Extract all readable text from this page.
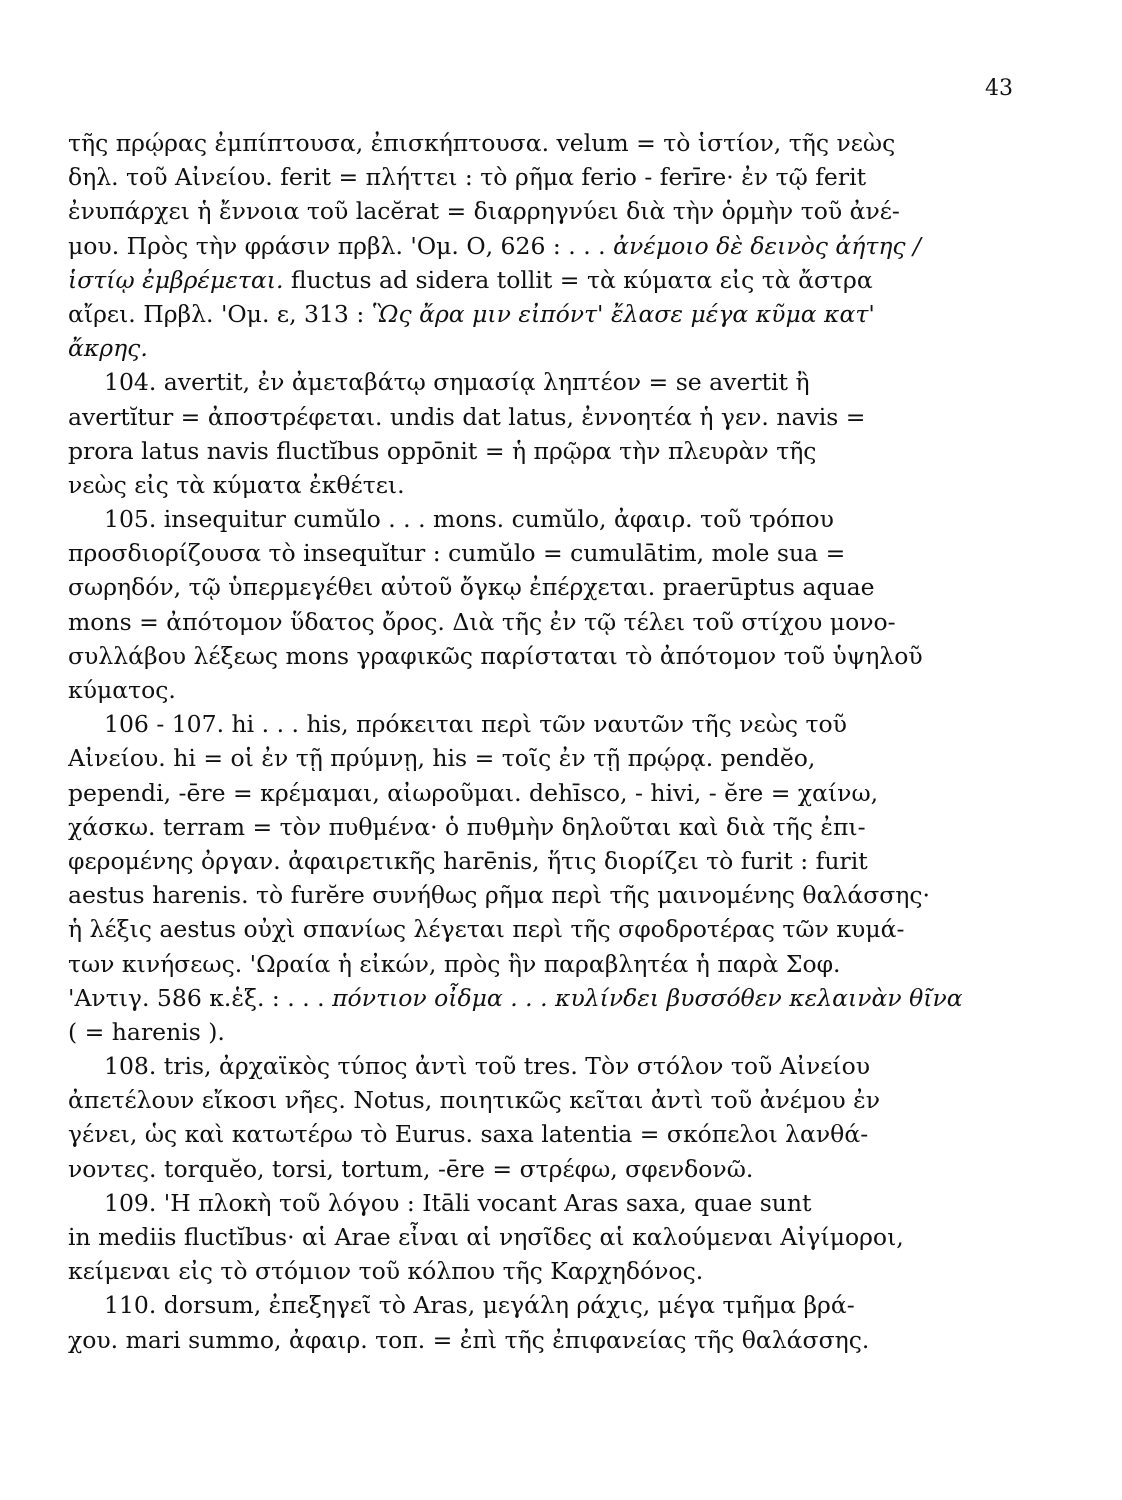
43
τῆς πρῴρας ἐμπίπτουσα, ἐπισκήπτουσα. velum = τὸ ἱστίον, τῆς νεὼς
δηλ. τοῦ Αἰνείου. ferit = πλήττει : τὸ ρῆμα ferio - ferīre· ἐν τῷ ferit
ἐνυπάρχει ἡ ἔννοια τοῦ lacĕrat = διαρρηγνύει διὰ τὴν ὁρμὴν τοῦ ἀνέ-
μου. Πρὸς τὴν φράσιν πρβλ. 'Ομ. Ο, 626 : . . . ἀνέμοιο δὲ δεινὸς ἀήτης /
ἱστίῳ ἐμβρέμεται. fluctus ad sidera tollit = τὰ κύματα εἰς τὰ ἄστρα
αἴρει. Πρβλ. 'Ομ. ε, 313 : Ὣς ἄρα μιν εἰπόντ' ἔλασε μέγα κῦμα κατ'
ἄκρης.
104. avertit, ἐν ἀμεταβάτῳ σημασίᾳ ληπτέον = se avertit ἢ
avertĭtur = ἀποστρέφεται. undis dat latus, ἐννοητέα ἡ γεν. navis =
prora latus navis fluctĭbus oppōnit = ἡ πρῷρα τὴν πλευρὰν τῆς
νεὼς εἰς τὰ κύματα ἐκθέτει.
105. insequitur cumŭlo . . . mons. cumŭlo, ἀφαιρ. τοῦ τρόπου
προσδιορίζουσα τὸ insequĭtur : cumŭlo = cumulātim, mole sua =
σωρηδόν, τῷ ὑπερμεγέθει αὐτοῦ ὄγκῳ ἐπέρχεται. praerūptus aquae
mons = ἀπότομον ὕδατος ὄρος. Διὰ τῆς ἐν τῷ τέλει τοῦ στίχου μονο-
συλλάβου λέξεως mons γραφικῶς παρίσταται τὸ ἀπότομον τοῦ ὑψηλοῦ
κύματος.
106 - 107. hi . . . his, πρόκειται περὶ τῶν ναυτῶν τῆς νεὼς τοῦ
Αἰνείου. hi = οἱ ἐν τῇ πρύμνῃ, his = τοῖς ἐν τῇ πρῴρᾳ. pendĕo,
pependi, -ēre = κρέμαμαι, αἰωροῦμαι. dehīsco, - hivi, - ĕre = χαίνω,
χάσκω. terram = τὸν πυθμένα· ὁ πυθμὴν δηλοῦται καὶ διὰ τῆς ἐπι-
φερομένης ὀργαν. ἀφαιρετικῆς harēnis, ἥτις διορίζει τὸ furit : furit
aestus harenis. τὸ furĕre συνήθως ρῆμα περὶ τῆς μαινομένης θαλάσσης·
ἡ λέξις aestus οὐχὶ σπανίως λέγεται περὶ τῆς σφοδροτέρας τῶν κυμά-
των κινήσεως. 'Ωραία ἡ εἰκών, πρὸς ἣν παραβλητέα ἡ παρὰ Σοφ.
'Αντιγ. 586 κ.ἑξ. : . . . πόντιον οἶδμα . . . κυλίνδει βυσσόθεν κελαινὰν θῖνα
( = harenis ).
108. tris, ἀρχαϊκὸς τύπος ἀντὶ τοῦ tres. Τὸν στόλον τοῦ Αἰνείου
ἀπετέλουν εἴκοσι νῆες. Notus, ποιητικῶς κεῖται ἀντὶ τοῦ ἀνέμου ἐν
γένει, ὡς καὶ κατωτέρω τὸ Eurus. saxa latentia = σκόπελοι λανθά-
νοντες. torquĕo, torsi, tortum, -ēre = στρέφω, σφενδονῶ.
109. 'Η πλοκὴ τοῦ λόγου : Itāli vocant Aras saxa, quae sunt
in mediis fluctĭbus· αἱ Arae εἶναι αἱ νησῖδες αἱ καλούμεναι Αἰγίμοροι,
κείμεναι εἰς τὸ στόμιον τοῦ κόλπου τῆς Καρχηδόνος.
110. dorsum, ἐπεξηγεῖ τὸ Aras, μεγάλη ράχις, μέγα τμῆμα βρά-
χου. mari summo, ἀφαιρ. τοπ. = ἐπὶ τῆς ἐπιφανείας τῆς θαλάσσης.
